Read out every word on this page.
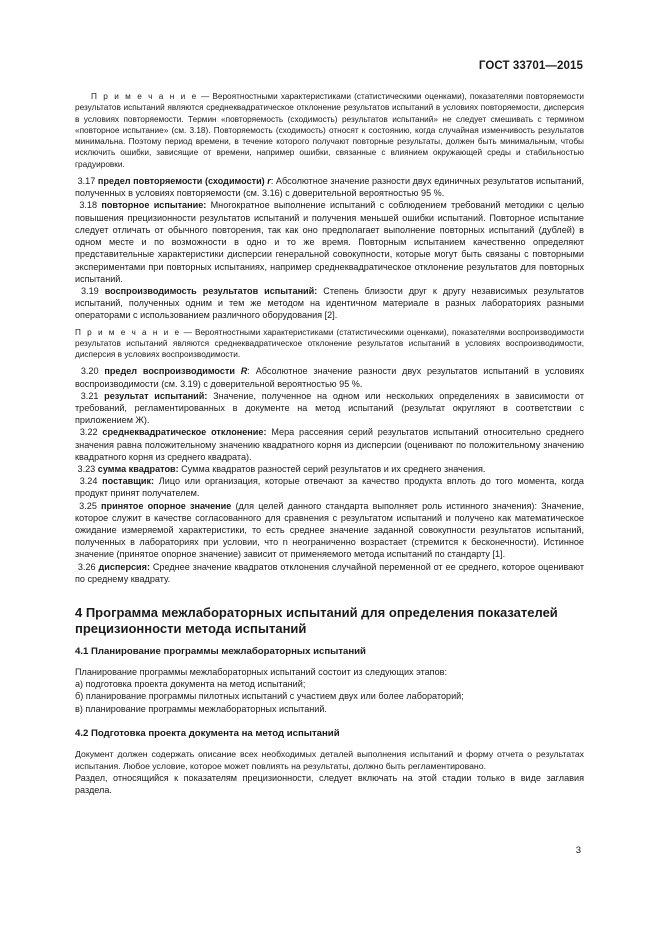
ГОСТ 33701—2015

П р и м е ч а н и е — Вероятностными характеристиками (статистическими оценками), показателями повторяемости результатов испытаний являются среднеквадратическое отклонение результатов испытаний в условиях повторяемости, дисперсия в условиях повторяемости. Термин «повторяемость (сходимость) результатов испытаний» не следует смешивать с термином «повторное испытание» (см. 3.18). Повторяемость (сходимость) относят к состоянию, когда случайная изменчивость результатов минимальна. Поэтому период времени, в течение которого получают повторные результаты, должен быть минимальным, чтобы исключить ошибки, зависящие от времени, например ошибки, связанные с влиянием окружающей среды и стабильностью градуировки.

3.17 предел повторяемости (сходимости) r: Абсолютное значение разности двух единичных результатов испытаний, полученных в условиях повторяемости (см. 3.16) с доверительной вероятностью 95 %.

3.18 повторное испытание: Многократное выполнение испытаний с соблюдением требований методики с целью повышения прецизионности результатов испытаний и получения меньшей ошибки испытаний. Повторное испытание следует отличать от обычного повторения, так как оно предполагает выполнение повторных испытаний (дублей) в одном месте и по возможности в одно и то же время. Повторным испытанием качественно определяют представительные характеристики дисперсии генеральной совокупности, которые могут быть связаны с повторными экспериментами при повторных испытаниях, например среднеквадратическое отклонение результатов для повторных испытаний.

3.19 воспроизводимость результатов испытаний: Степень близости друг к другу независимых результатов испытаний, полученных одним и тем же методом на идентичном материале в разных лабораториях разными операторами с использованием различного оборудования [2].

П р и м е ч а н и е — Вероятностными характеристиками (статистическими оценками), показателями воспроизводимости результатов испытаний являются среднеквадратическое отклонение результатов испытаний в условиях воспроизводимости, дисперсия в условиях воспроизводимости.

3.20 предел воспроизводимости R: Абсолютное значение разности двух результатов испытаний в условиях воспроизводимости (см. 3.19) с доверительной вероятностью 95 %.

3.21 результат испытаний: Значение, полученное на одном или нескольких определениях в зависимости от требований, регламентированных в документе на метод испытаний (результат округляют в соответствии с приложением Ж).

3.22 среднеквадратическое отклонение: Мера рассеяния серий результатов испытаний относительно среднего значения равна положительному значению квадратного корня из дисперсии (оценивают по положительному значению квадратного корня из среднего квадрата).

3.23 сумма квадратов: Сумма квадратов разностей серий результатов и их среднего значения.

3.24 поставщик: Лицо или организация, которые отвечают за качество продукта вплоть до того момента, когда продукт принят получателем.

3.25 принятое опорное значение (для целей данного стандарта выполняет роль истинного значения): Значение, которое служит в качестве согласованного для сравнения с результатом испытаний и получено как математическое ожидание измеряемой характеристики, то есть среднее значение заданной совокупности результатов испытаний, полученных в лабораториях при условии, что n неограниченно возрастает (стремится к бесконечности). Истинное значение (принятое опорное значение) зависит от применяемого метода испытаний по стандарту [1].

3.26 дисперсия: Среднее значение квадратов отклонения случайной переменной от ее среднего, которое оценивают по среднему квадрату.

4 Программа межлабораторных испытаний для определения показателей прецизионности метода испытаний

4.1 Планирование программы межлабораторных испытаний

Планирование программы межлабораторных испытаний состоит из следующих этапов:

а) подготовка проекта документа на метод испытаний;

б) планирование программы пилотных испытаний с участием двух или более лабораторий;

в) планирование программы межлабораторных испытаний.

4.2 Подготовка проекта документа на метод испытаний

Документ должен содержать описание всех необходимых деталей выполнения испытаний и форму отчета о результатах испытания. Любое условие, которое может повлиять на результаты, должно быть регламентировано.

Раздел, относящийся к показателям прецизионности, следует включать на этой стадии только в виде заглавия раздела.

3
